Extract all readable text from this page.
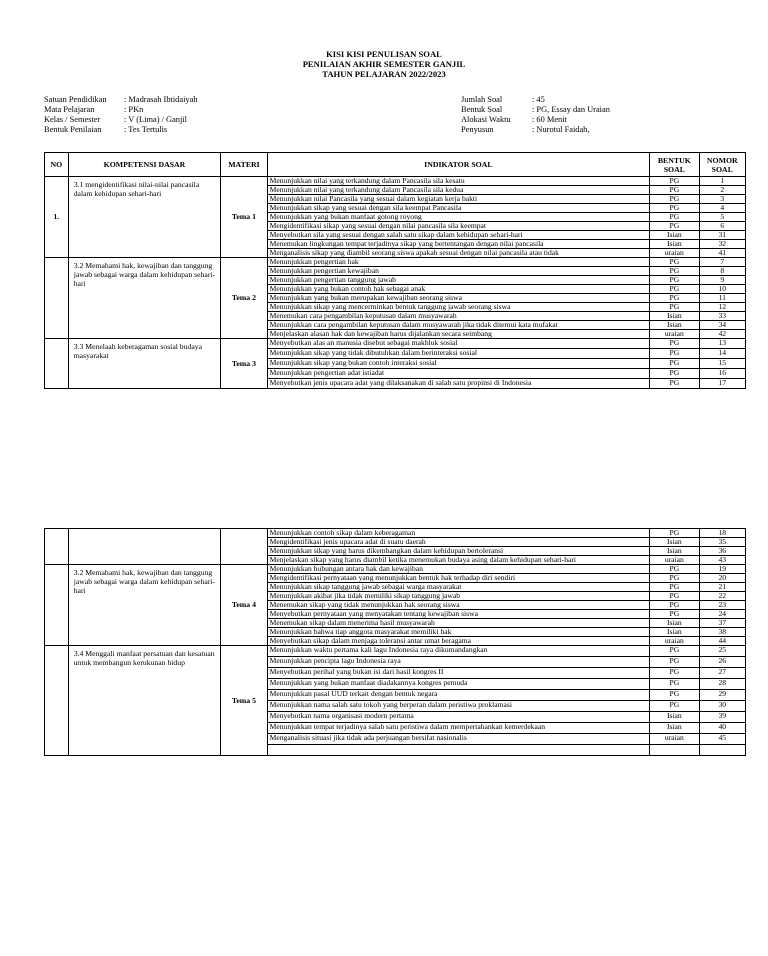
KISI KISI PENULISAN SOAL
PENILAIAN AKHIR SEMESTER GANJIL
TAHUN PELAJARAN 2022/2023
Satuan Pendidikan	: Madrasah Ibtidaiyah
Mata Pelajaran	: PKn
Kelas / Semester	: V (Lima) / Ganjil
Bentuk Penilaian	: Tes Tertulis
Jumlah Soal	: 45
Bentuk Soal	: PG, Essay dan Uraian
Alokasi Waktu	: 60 Menit
Penyusun	: Nurotul Faidah,
NO	KOMPETENSI DASAR	MATERI	INDIKATOR SOAL	BENTUK SOAL	NOMOR SOAL
1.	3.1 mengidentifikasi nilai-nilai pancasila dalam kehidupan sehari-hari	Tema 1	Menunjukkan nilai yang terkandung dalam Pancasila sila kesatu	PG	1
			Menunjukkan nilai yang terkandung dalam Pancasila sila kedua	PG	2
			Menunjukkan nilai Pancasila yang sesuai dalam kegiatan kerja bakti	PG	3
			Menunjukkan sikap yang sesuai dengan sila keempat Pancasila	PG	4
			Menunjukkan yang bukan manfaat gotong royong	PG	5
			Mengidentifikasi sikap yang sesuai dengan nilai pancasila sila keempat	PG	6
			Menyebutkan sila yang sesuai dengan salah satu sikap dalam kehidupan sehari-hari	Isian	31
			Menemukan lingkungan tempat terjadinya sikap yang bertentangan dengan nilai pancasila	Isian	32
			Menganalisis sikap yang diambil seorang siswa apakah sesuai dengan nilai pancasila atau tidak	uraian	41
	3.2 Memahami hak, kewajiban dan tanggung jawab sebagai warga dalam kehidupan sehari-hari	Tema 2	Menunjukkan pengertian hak	PG	7
			Menunjukkan pengertian kewajiban	PG	8
			Menunjukkan pengertian tanggung jawab	PG	9
			Menunjukkan yang bukan contoh hak sebagai anak	PG	10
			Menunjukkan yang bukan merupakan kewajiban seorang siswa	PG	11
			Menunjukkan sikap yang mencerminkan bentuk tanggung jawab seorang siswa	PG	12
			Menemukan cara pengambilan keputusan dalam musyawarah	Isian	33
			Menunjukkan cara pengambilan keputusan dalam musyawarah jika tidak ditemui kata mufakat	Isian	34
			Menjelaskan alasan hak dan kewajiban harus dijalankan secara seimbang	uraian	42
	3.3 Menelaah keberagaman sosial budaya masyarakat	Tema 3	Menyebutkan alas an manusia disebut sebagai makhluk sosial	PG	13
			Menunjukkan sikap yang tidak dibutuhkan dalam berinteraksi sosial	PG	14
			Menunjukkan sikap yang bukan contoh interaksi sosial	PG	15
			Menunjukkan pengertian adat istiadat	PG	16
			Menyebutkan jenis upacara adat yang dilaksanakan di salah satu propinsi di Indonesia	PG	17
			Menunjukkan contoh sikap dalam keberagaman	PG	18
			Mengidentifikasi jenis upacara adat di suatu daerah	Isian	35
			Menunjukkan sikap yang harus dikembangkan dalam kehidupan bertoleransi	Isian	36
			Menjelaskan sikap yang harus diambil ketika menemukan budaya asing dalam kehidupan sehari-hari	uraian	43
	3.2 Memahami hak, kewajiban dan tanggung jawab sebagai warga dalam kehidupan sehari-hari	Tema 4	Menunjukkan hubungan antara hak dan kewajiban	PG	19
			Mengidentifikasi pernyataan yang menunjukkan bentuk hak terhadap diri sendiri	PG	20
			Menunjukkan sikap tanggung jawab sebagai warga masyarakat	PG	21
			Menunjukkan akibat jika tidak memiliki sikap tanggung jawab	PG	22
			Menemukan sikap yang tidak menunjukkan hak seorang siswa	PG	23
			Menyebutkan pernyataan yang menyatakan tentang kewajiban siswa	PG	24
			Menemukan sikap dalam menerima hasil musyawarah	Isian	37
			Menunjukkan bahwa tiap anggota masyarakat memiliki hak	Isian	38
			Menyebutkan sikap dalam menjaga toleransi antar umat beragama	uraian	44
	3.4 Menggali manfaat persatuan dan kesatuan untuk membangun kerukunan hidup	Tema 5	Menunjukkan waktu pertama kali lagu Indonesia raya dikumandangkan	PG	25
			Menunjukkan pencipta lagu Indonesia raya	PG	26
			Menyebutkan perihal yang bukan isi dari hasil kongres II	PG	27
			Menunjukkan yang bukan manfaat diadakannya kongres pemuda	PG	28
			Menunjukkan pasal UUD terkait dengan bentuk negara	PG	29
			Menunjukkan nama salah satu tokoh yang berperan dalam peristiwa proklamasi	PG	30
			Menyebutkan nama organisasi modern pertama	Isian	39
			Menunjukkan tempat terjadinya salah satu peristiwa dalam mempertahankan kemerdekaan	Isian	40
			Menganalisis situasi jika tidak ada perjuangan bersifat nasionalis	uraian	45
